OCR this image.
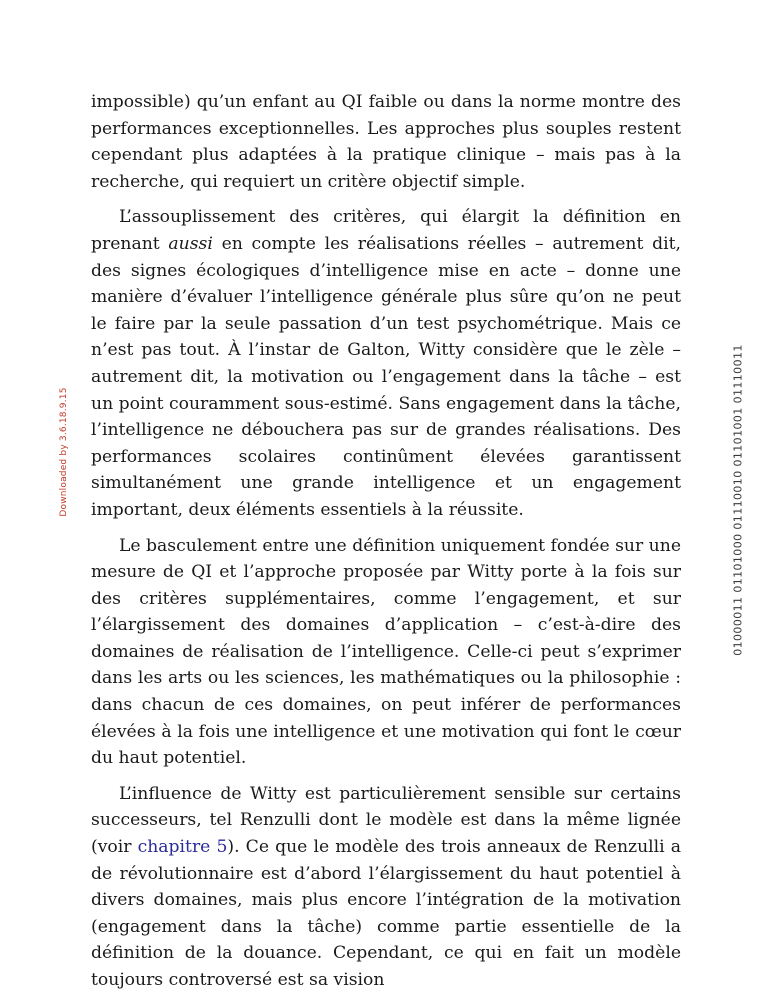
impossible) qu’un enfant au QI faible ou dans la norme montre des performances exceptionnelles. Les approches plus souples restent cependant plus adaptées à la pratique clinique – mais pas à la recherche, qui requiert un critère objectif simple.

L’assouplissement des critères, qui élargit la définition en prenant aussi en compte les réalisations réelles – autrement dit, des signes écologiques d’intelligence mise en acte – donne une manière d’évaluer l’intelligence générale plus sûre qu’on ne peut le faire par la seule passation d’un test psychométrique. Mais ce n’est pas tout. À l’instar de Galton, Witty considère que le zèle – autrement dit, la motivation ou l’engagement dans la tâche – est un point couramment sous-estimé. Sans engagement dans la tâche, l’intelligence ne débouchera pas sur de grandes réalisations. Des performances scolaires continûment élevées garantissent simultanément une grande intelligence et un engagement important, deux éléments essentiels à la réussite.

Le basculement entre une définition uniquement fondée sur une mesure de QI et l’approche proposée par Witty porte à la fois sur des critères supplémentaires, comme l’engagement, et sur l’élargissement des domaines d’application – c’est-à-dire des domaines de réalisation de l’intelligence. Celle-ci peut s’exprimer dans les arts ou les sciences, les mathématiques ou la philosophie : dans chacun de ces domaines, on peut inférer de performances élevées à la fois une intelligence et une motivation qui font le cœur du haut potentiel.

L’influence de Witty est particulièrement sensible sur certains successeurs, tel Renzulli dont le modèle est dans la même lignée (voir chapitre 5). Ce que le modèle des trois anneaux de Renzulli a de révolutionnaire est d’abord l’élargissement du haut potentiel à divers domaines, mais plus encore l’intégration de la motivation (engagement dans la tâche) comme partie essentielle de la définition de la douance. Cependant, ce qui en fait un modèle toujours controversé est sa vision

Downloaded by 3.6.18.9.15	01000011 01101000 01110010 01101001 01110011
